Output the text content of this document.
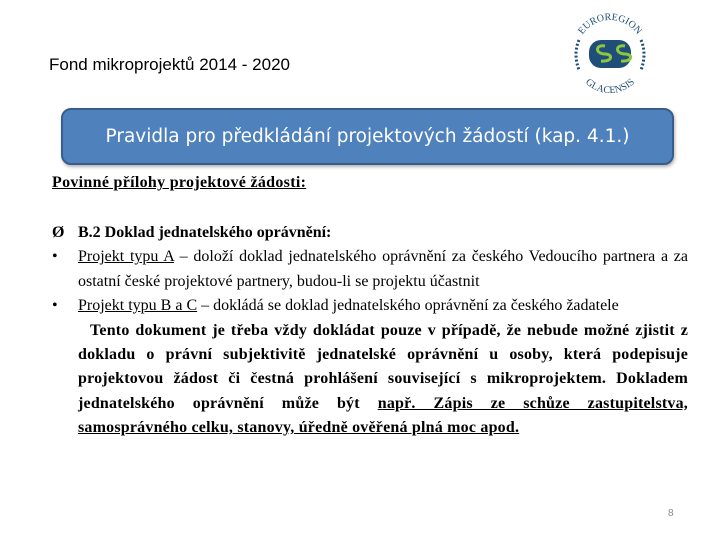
Fond mikroprojektů 2014 - 2020
EUROREGION
GLACENSIS
Pravidla pro předkládání projektových žádostí (kap. 4.1.)
Povinné přílohy projektové žádosti:
Ø B.2 Doklad jednatelského oprávnění:
• Projekt typu A – doloží doklad jednatelského oprávnění za českého Vedoucího partnera a za ostatní české projektové partnery, budou-li se projektu účastnit
• Projekt typu B a C – dokládá se doklad jednatelského oprávnění za českého žadatele
Tento dokument je třeba vždy dokládat pouze v případě, že nebude možné zjistit z dokladu o právní subjektivitě jednatelské oprávnění u osoby, která podepisuje projektovou žádost či čestná prohlášení související s mikroprojektem. Dokladem jednatelského oprávnění může být např. Zápis ze schůze zastupitelstva, samosprávného celku, stanovy, úředně ověřená plná moc apod.
8
